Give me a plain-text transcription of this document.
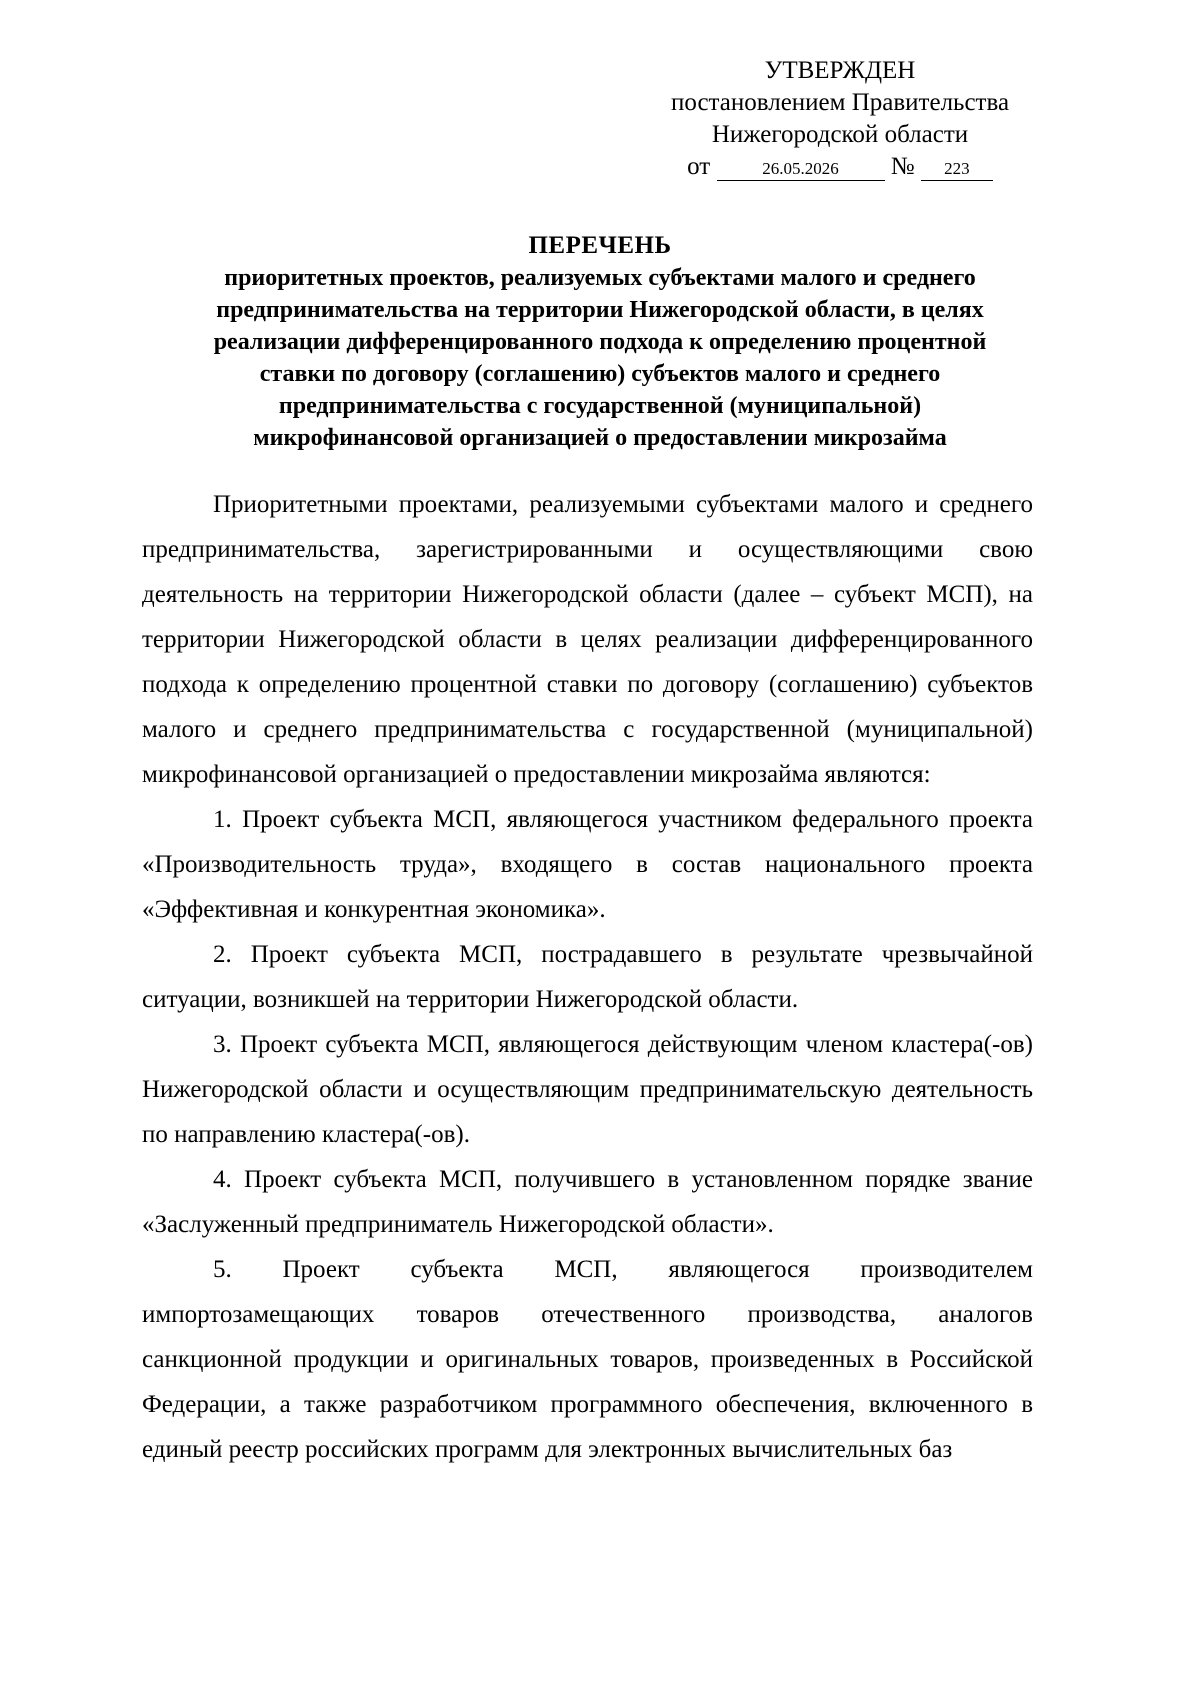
УТВЕРЖДЕН
постановлением Правительства
Нижегородской области
от	26.05.2026 № 223
ПЕРЕЧЕНЬ
приоритетных проектов, реализуемых субъектами малого и среднего
предпринимательства на территории Нижегородской области, в целях
реализации дифференцированного подхода к определению процентной
ставки по договору (соглашению) субъектов малого и среднего
предпринимательства с государственной (муниципальной)
микрофинансовой организацией о предоставлении микрозайма

Приоритетными проектами, реализуемыми субъектами малого и среднего предпринимательства, зарегистрированными и осуществляющими свою деятельность на территории Нижегородской области (далее – субъект МСП), на территории Нижегородской области в целях реализации дифференцированного подхода к определению процентной ставки по договору (соглашению) субъектов малого и среднего предпринимательства с государственной (муниципальной) микрофинансовой организацией о предоставлении микрозайма являются:

1. Проект субъекта МСП, являющегося участником федерального проекта «Производительность труда», входящего в состав национального проекта «Эффективная и конкурентная экономика».

2. Проект субъекта МСП, пострадавшего в результате чрезвычайной ситуации, возникшей на территории Нижегородской области.

3. Проект субъекта МСП, являющегося действующим членом кластера(-ов) Нижегородской области и осуществляющим предпринимательскую деятельность по направлению кластера(-ов).

4. Проект субъекта МСП, получившего в установленном порядке звание «Заслуженный предприниматель Нижегородской области».

5. Проект субъекта МСП, являющегося производителем импортозамещающих товаров отечественного производства, аналогов санкционной продукции и оригинальных товаров, произведенных в Российской Федерации, а также разработчиком программного обеспечения, включенного в единый реестр российских программ для электронных вычислительных баз
